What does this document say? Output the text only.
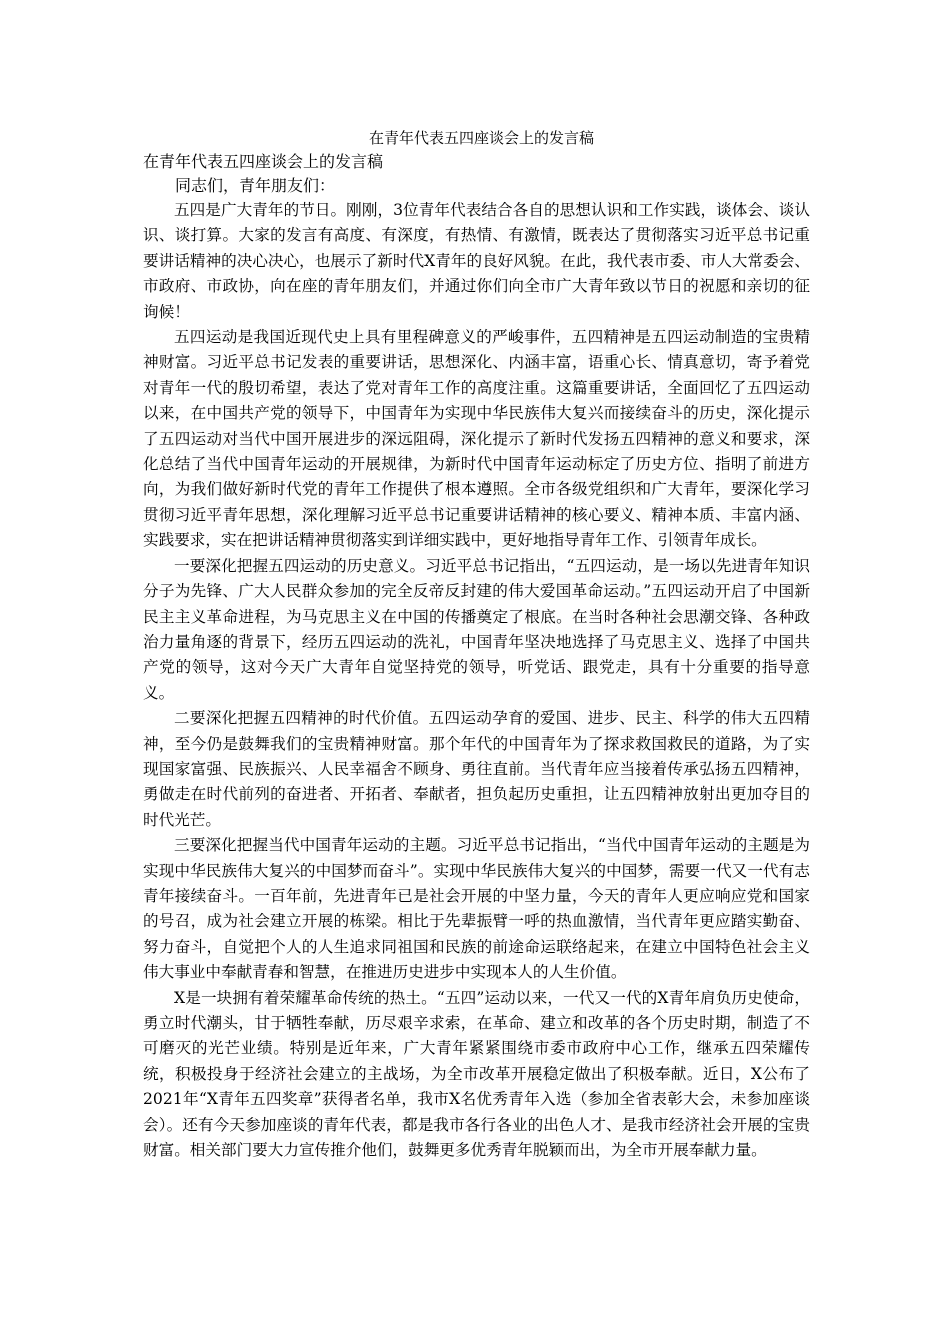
在青年代表五四座谈会上的发言稿

在青年代表五四座谈会上的发言稿

同志们，青年朋友们：

五四是广大青年的节日。刚刚，3位青年代表结合各自的思想认识和工作实践，谈体会、谈认识、谈打算。大家的发言有高度、有深度，有热情、有激情，既表达了贯彻落实习近平总书记重要讲话精神的决心决心，也展示了新时代X青年的良好风貌。在此，我代表市委、市人大常委会、市政府、市政协，向在座的青年朋友们，并通过你们向全市广大青年致以节日的祝愿和亲切的征询候！

五四运动是我国近现代史上具有里程碑意义的严峻事件，五四精神是五四运动制造的宝贵精神财富。习近平总书记发表的重要讲话，思想深化、内涵丰富，语重心长、情真意切，寄予着党对青年一代的殷切希望，表达了党对青年工作的高度注重。这篇重要讲话，全面回忆了五四运动以来，在中国共产党的领导下，中国青年为实现中华民族伟大复兴而接续奋斗的历史，深化提示了五四运动对当代中国开展进步的深远阻碍，深化提示了新时代发扬五四精神的意义和要求，深化总结了当代中国青年运动的开展规律，为新时代中国青年运动标定了历史方位、指明了前进方向，为我们做好新时代党的青年工作提供了根本遵照。全市各级党组织和广大青年，要深化学习贯彻习近平青年思想，深化理解习近平总书记重要讲话精神的核心要义、精神本质、丰富内涵、实践要求，实在把讲话精神贯彻落实到详细实践中，更好地指导青年工作、引领青年成长。

一要深化把握五四运动的历史意义。习近平总书记指出，“五四运动，是一场以先进青年知识分子为先锋、广大人民群众参加的完全反帝反封建的伟大爱国革命运动。”五四运动开启了中国新民主主义革命进程，为马克思主义在中国的传播奠定了根底。在当时各种社会思潮交锋、各种政治力量角逐的背景下，经历五四运动的洗礼，中国青年坚决地选择了马克思主义、选择了中国共产党的领导，这对今天广大青年自觉坚持党的领导，听党话、跟党走，具有十分重要的指导意义。

二要深化把握五四精神的时代价值。五四运动孕育的爱国、进步、民主、科学的伟大五四精神，至今仍是鼓舞我们的宝贵精神财富。那个年代的中国青年为了探求救国救民的道路，为了实现国家富强、民族振兴、人民幸福舍不顾身、勇往直前。当代青年应当接着传承弘扬五四精神，勇做走在时代前列的奋进者、开拓者、奉献者，担负起历史重担，让五四精神放射出更加夺目的时代光芒。

三要深化把握当代中国青年运动的主题。习近平总书记指出，“当代中国青年运动的主题是为实现中华民族伟大复兴的中国梦而奋斗”。实现中华民族伟大复兴的中国梦，需要一代又一代有志青年接续奋斗。一百年前，先进青年已是社会开展的中坚力量，今天的青年人更应响应党和国家的号召，成为社会建立开展的栋梁。相比于先辈振臂一呼的热血激情，当代青年更应踏实勤奋、努力奋斗，自觉把个人的人生追求同祖国和民族的前途命运联络起来，在建立中国特色社会主义伟大事业中奉献青春和智慧，在推进历史进步中实现本人的人生价值。

X是一块拥有着荣耀革命传统的热土。“五四”运动以来，一代又一代的X青年肩负历史使命，勇立时代潮头，甘于牺牲奉献，历尽艰辛求索，在革命、建立和改革的各个历史时期，制造了不可磨灭的光芒业绩。特别是近年来，广大青年紧紧围绕市委市政府中心工作，继承五四荣耀传统，积极投身于经济社会建立的主战场，为全市改革开展稳定做出了积极奉献。近日，X公布了2021年“X青年五四奖章”获得者名单，我市X名优秀青年入选（参加全省表彰大会，未参加座谈会）。还有今天参加座谈的青年代表，都是我市各行各业的出色人才、是我市经济社会开展的宝贵财富。相关部门要大力宣传推介他们，鼓舞更多优秀青年脱颖而出，为全市开展奉献力量。
